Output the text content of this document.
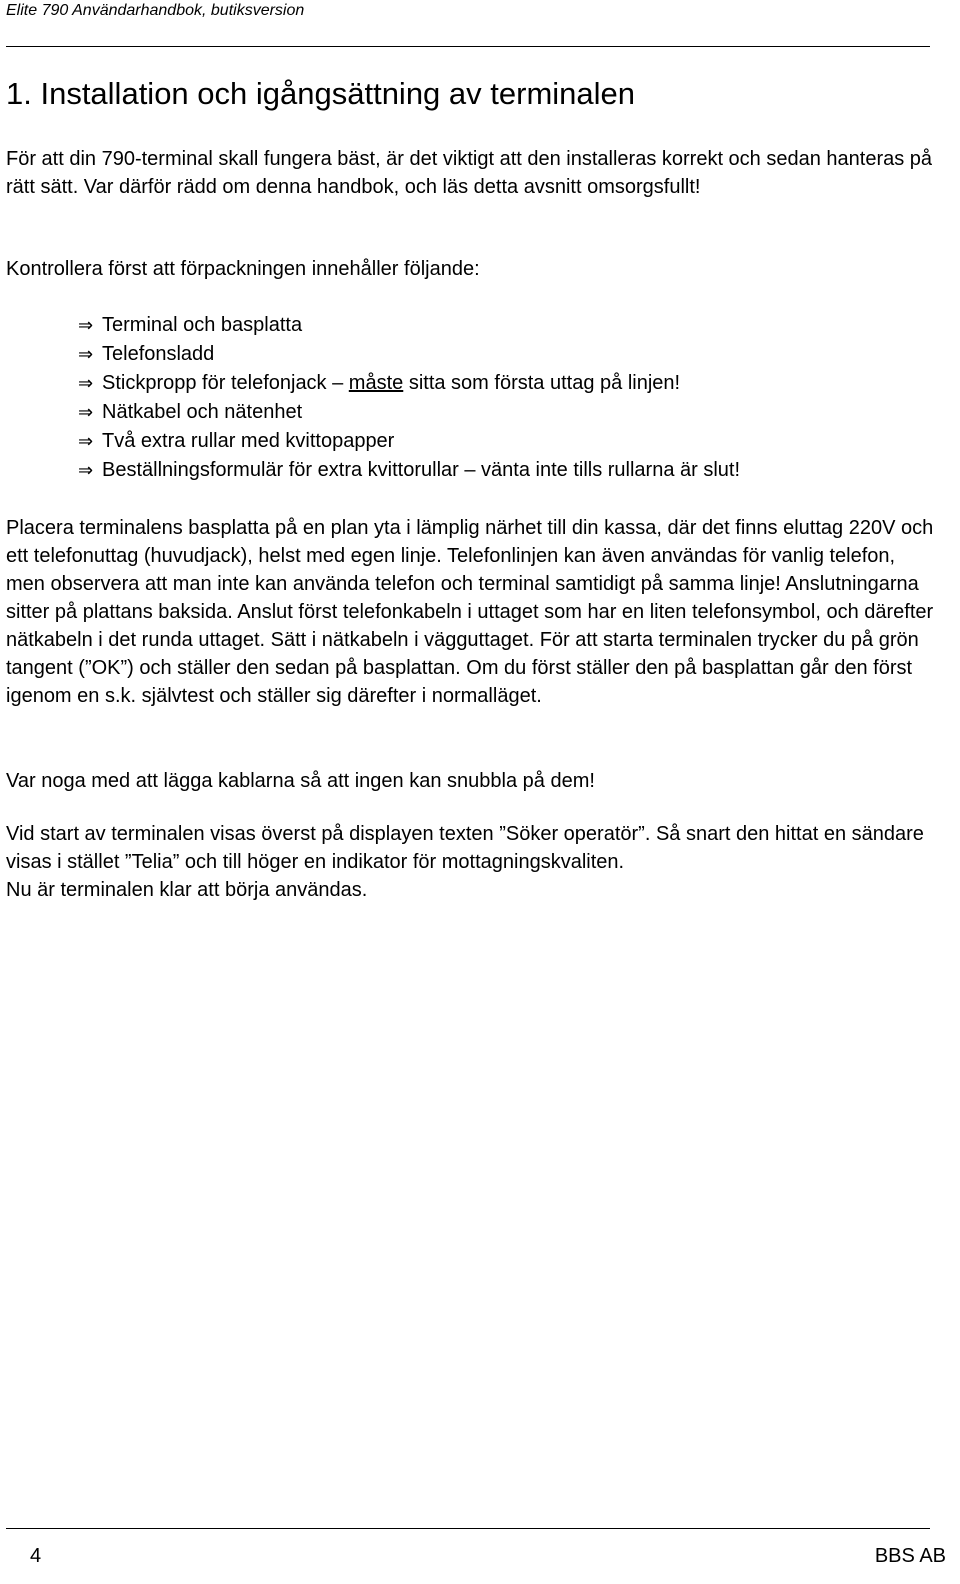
Elite 790 Användarhandbok, butiksversion
1. Installation och igångsättning av terminalen

För att din 790-terminal skall fungera bäst, är det viktigt att den installeras korrekt och sedan hanteras på rätt sätt. Var därför rädd om denna handbok, och läs detta avsnitt omsorgsfullt!

Kontrollera först att förpackningen innehåller följande:

⇒ Terminal och basplatta
⇒ Telefonsladd
⇒ Stickpropp för telefonjack – måste sitta som första uttag på linjen!
⇒ Nätkabel och nätenhet
⇒ Två extra rullar med kvittopapper
⇒ Beställningsformulär för extra kvittorullar – vänta inte tills rullarna är slut!

Placera terminalens basplatta på en plan yta i lämplig närhet till din kassa, där det finns eluttag 220V och ett telefonuttag (huvudjack), helst med egen linje. Telefonlinjen kan även användas för vanlig telefon, men observera att man inte kan använda telefon och terminal samtidigt på samma linje! Anslutningarna sitter på plattans baksida. Anslut först telefonkabeln i uttaget som har en liten telefonsymbol, och därefter nätkabeln i det runda uttaget. Sätt i nätkabeln i vägguttaget. För att starta terminalen trycker du på grön tangent (”OK”) och ställer den sedan på basplattan. Om du först ställer den på basplattan går den först igenom en s.k. självtest och ställer sig därefter i normalläget.

Var noga med att lägga kablarna så att ingen kan snubbla på dem!

Vid start av terminalen visas överst på displayen texten ”Söker operatör”. Så snart den hittat en sändare visas i stället ”Telia” och till höger en indikator för mottagningskvaliten.

Nu är terminalen klar att börja användas.

4	BBS AB
